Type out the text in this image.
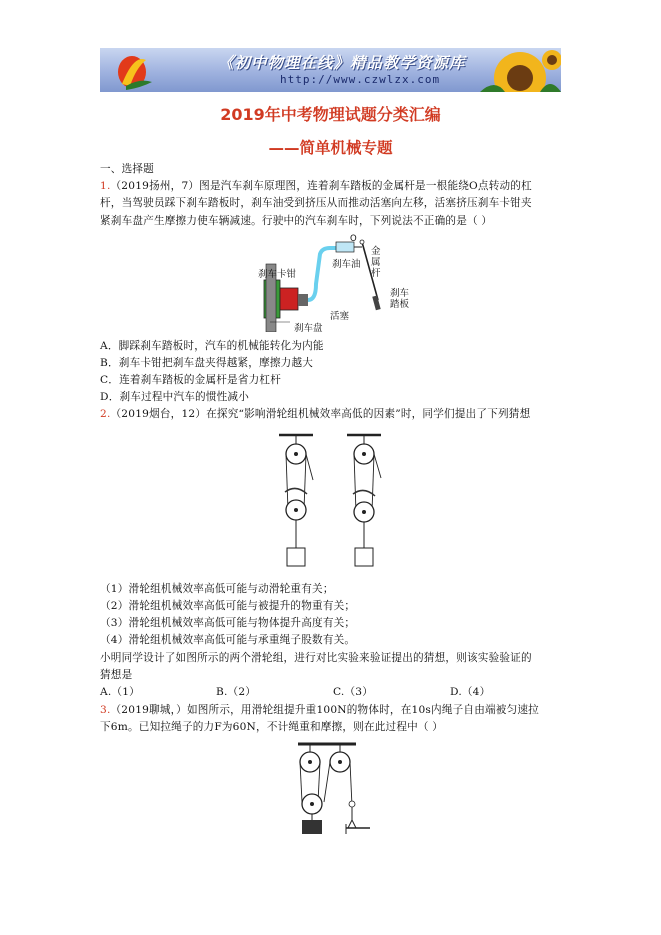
《初中物理在线》精品教学资源库
http://www.czwlzx.com
2019年中考物理试题分类汇编
——简单机械专题
一、选择题
1.（2019扬州，7）图是汽车刹车原理图，连着刹车踏板的金属杆是一根能绕O点转动的杠
杆，当驾驶员踩下刹车踏板时，刹车油受到挤压从而推动活塞向左移，活塞挤压刹车卡钳夹
紧刹车盘产生摩擦力使车辆减速。行驶中的汽车刹车时，下列说法不正确的是（ ）
刹车卡钳
刹车油
O
金属杆
刹车踏板
活塞
刹车盘
A．脚踩刹车踏板时，汽车的机械能转化为内能
B．刹车卡钳把刹车盘夹得越紧，摩擦力越大
C．连着刹车踏板的金属杆是省力杠杆
D．刹车过程中汽车的惯性减小
2.（2019烟台，12）在探究“影响滑轮组机械效率高低的因素”时，同学们提出了下列猜想
（1）滑轮组机械效率高低可能与动滑轮重有关；
（2）滑轮组机械效率高低可能与被提升的物重有关；
（3）滑轮组机械效率高低可能与物体提升高度有关；
（4）滑轮组机械效率高低可能与承重绳子股数有关。
小明同学设计了如图所示的两个滑轮组，进行对比实验来验证提出的猜想，则该实验验证的
猜想是
A.（1）	B.（2）	C.（3）	D.（4）
3.（2019聊城，）如图所示，用滑轮组提升重100N的物体时，在10s内绳子自由端被匀速拉
下6m。已知拉绳子的力F为60N，不计绳重和摩擦，则在此过程中（ ）
